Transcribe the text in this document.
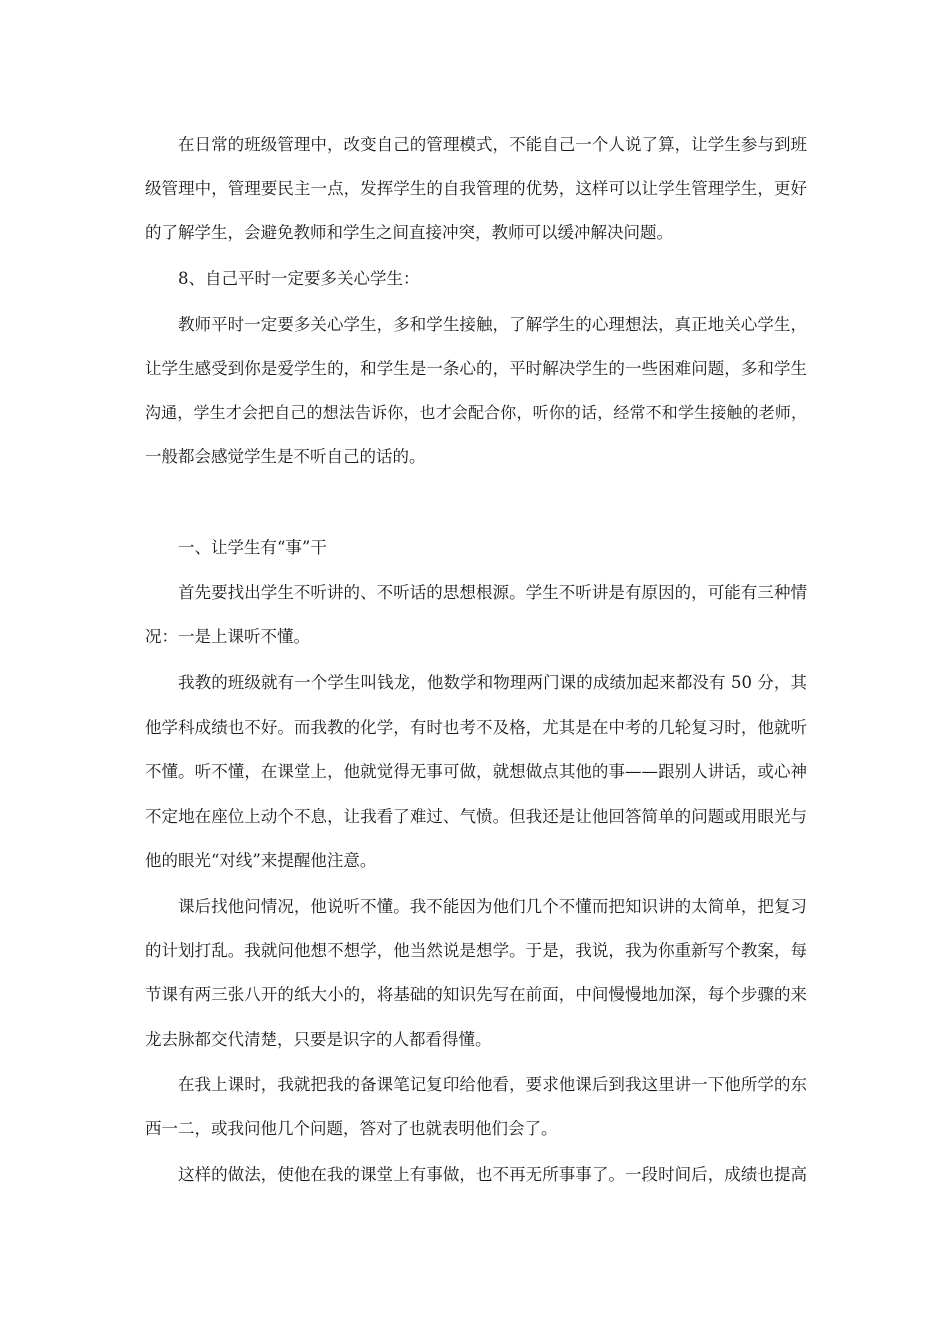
在日常的班级管理中，改变自己的管理模式，不能自己一个人说了算，让学生参与到班
级管理中，管理要民主一点，发挥学生的自我管理的优势，这样可以让学生管理学生，更好
的了解学生，会避免教师和学生之间直接冲突，教师可以缓冲解决问题。
8、自己平时一定要多关心学生：
教师平时一定要多关心学生，多和学生接触，了解学生的心理想法，真正地关心学生，
让学生感受到你是爱学生的，和学生是一条心的，平时解决学生的一些困难问题，多和学生
沟通，学生才会把自己的想法告诉你，也才会配合你，听你的话，经常不和学生接触的老师，
一般都会感觉学生是不听自己的话的。
一、让学生有“事”干
首先要找出学生不听讲的、不听话的思想根源。学生不听讲是有原因的，可能有三种情
况：一是上课听不懂。
我教的班级就有一个学生叫钱龙，他数学和物理两门课的成绩加起来都没有 50 分，其
他学科成绩也不好。而我教的化学，有时也考不及格，尤其是在中考的几轮复习时，他就听
不懂。听不懂，在课堂上，他就觉得无事可做，就想做点其他的事——跟别人讲话，或心神
不定地在座位上动个不息，让我看了难过、气愤。但我还是让他回答简单的问题或用眼光与
他的眼光“对线”来提醒他注意。
课后找他问情况，他说听不懂。我不能因为他们几个不懂而把知识讲的太简单，把复习
的计划打乱。我就问他想不想学，他当然说是想学。于是，我说，我为你重新写个教案，每
节课有两三张八开的纸大小的，将基础的知识先写在前面，中间慢慢地加深，每个步骤的来
龙去脉都交代清楚，只要是识字的人都看得懂。
在我上课时，我就把我的备课笔记复印给他看，要求他课后到我这里讲一下他所学的东
西一二，或我问他几个问题，答对了也就表明他们会了。
这样的做法，使他在我的课堂上有事做，也不再无所事事了。一段时间后，成绩也提高
